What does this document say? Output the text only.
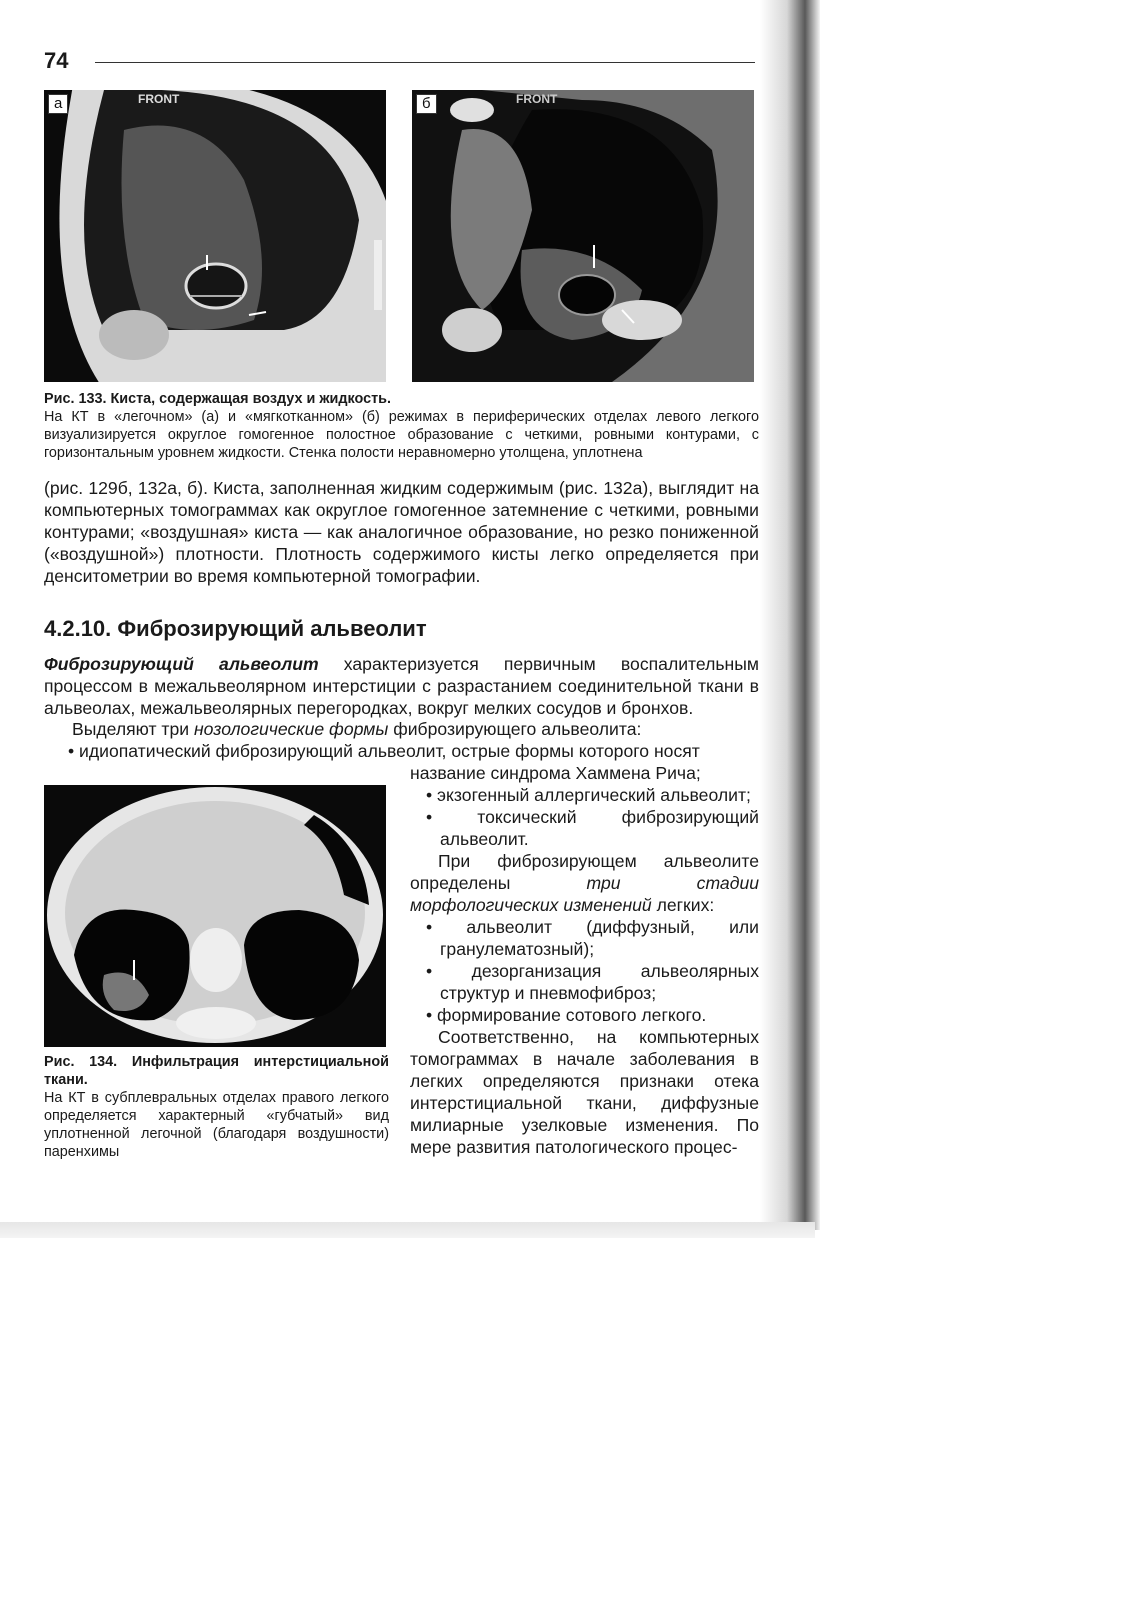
74
а	FRONT	б	FRONT
Рис. 133. Киста, содержащая воздух и жидкость.
На КТ в «легочном» (а) и «мягкотканном» (б) режимах в периферических отделах левого легкого визуализируется округлое гомогенное полостное образование с четкими, ровными контурами, с горизонтальным уровнем жидкости. Стенка полости неравномерно утолщена, уплотнена
(рис. 129б, 132а, б). Киста, заполненная жидким содержимым (рис. 132а), выглядит на компьютерных томограммах как округлое гомогенное затемнение с четкими, ровными контурами; «воздушная» киста — как аналогичное образование, но резко пониженной («воздушной») плотности. Плотность содержимого кисты легко определяется при денситометрии во время компьютерной томографии.
4.2.10. Фиброзирующий альвеолит
Фиброзирующий альвеолит характеризуется первичным воспалительным процессом в межальвеолярном интерстиции с разрастанием соединительной ткани в альвеолах, межальвеолярных перегородках, вокруг мелких сосудов и бронхов.
Выделяют три нозологические формы фиброзирующего альвеолита:
• идиопатический фиброзирующий альвеолит, острые формы которого носят
название синдрома Хаммена Рича;
• экзогенный аллергический альвеолит;
• токсический фиброзирующий альвеолит.
При фиброзирующем альвеолите определены три стадии морфологических изменений легких:
• альвеолит (диффузный, или гранулематозный);
• дезорганизация альвеолярных структур и пневмофиброз;
• формирование сотового легкого.
Соответственно, на компьютерных томограммах в начале заболевания в легких определяются признаки отека интерстициальной ткани, диффузные милиарные узелковые изменения. По мере развития патологического процес-
Рис. 134. Инфильтрация интерстициальной ткани.
На КТ в субплевральных отделах правого легкого определяется характерный «губчатый» вид уплотненной легочной (благодаря воздушности) паренхимы
